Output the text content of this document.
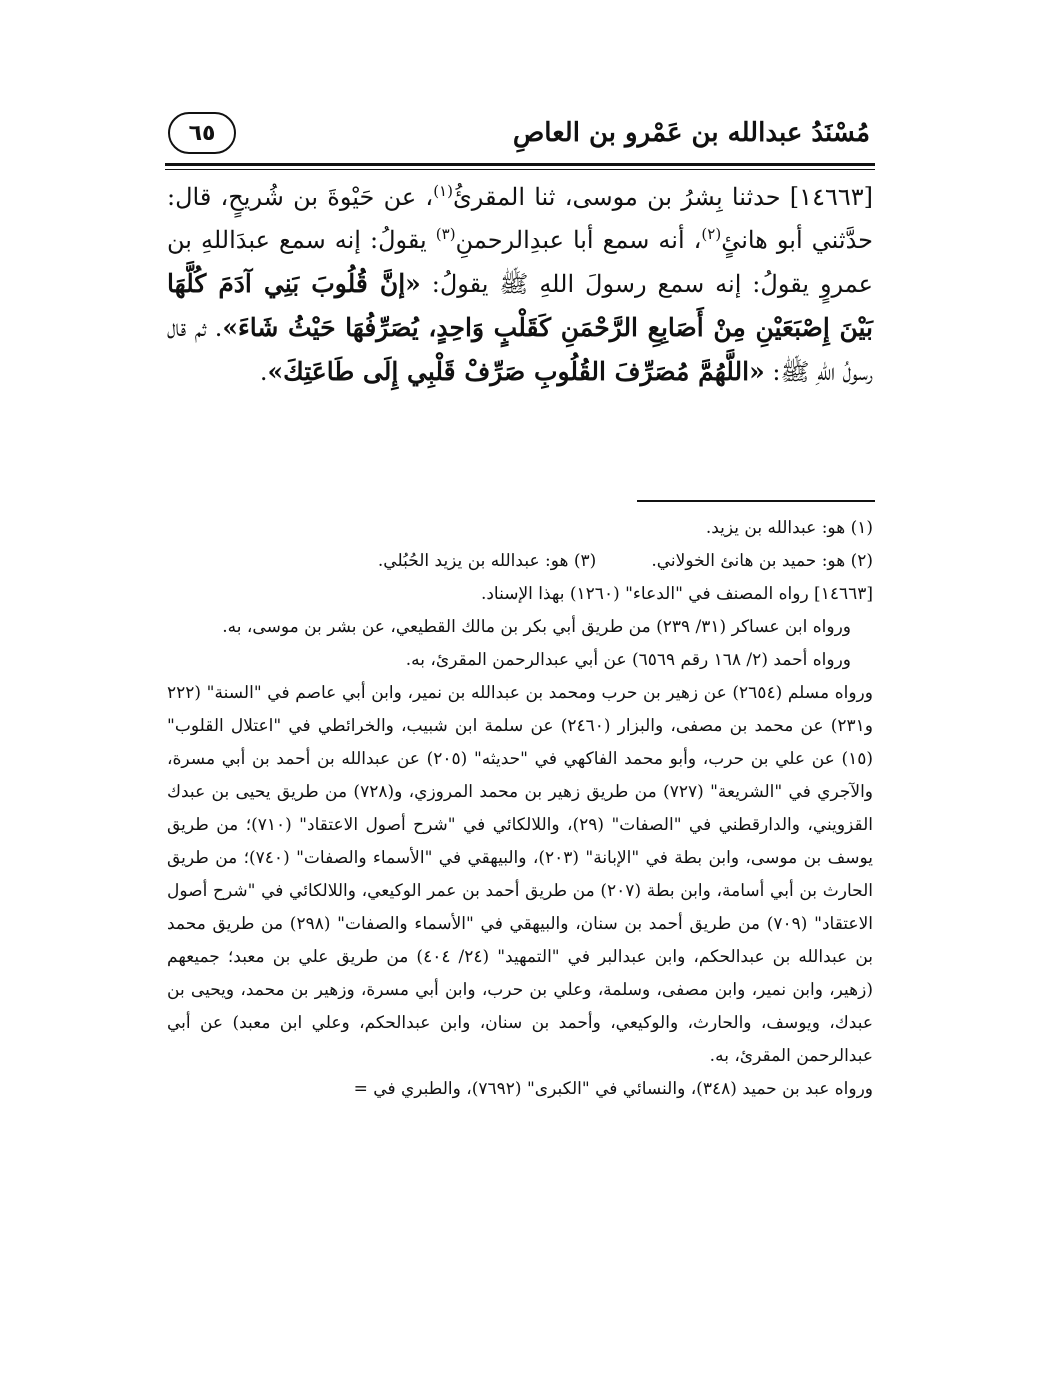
مُسْنَدُ عبدالله بن عَمْرو بن العاصِ
٦٥

[١٤٦٦٣] حدثنا بِشرُ بن موسى، ثنا المقرئُ$^{(١)}$، عن حَيْوةَ بن شُريحٍ، قال: حدَّثني أبو هانئٍ$^{(٢)}$، أنه سمع أبا عبدِالرحمنِ$^{(٣)}$ يقولُ: إنه سمع عبدَاللهِ بن عمروٍ يقولُ: إنه سمع رسولَ اللهِ ﷺ يقولُ: «إنَّ قُلُوبَ بَنِي آدَمَ كُلَّهَا بَيْنَ إِصْبَعَيْنِ مِنْ أَصَابِعِ الرَّحْمَنِ كَقَلْبٍ وَاحِدٍ، يُصَرِّفُهَا حَيْثُ شَاءَ». ثم قال رسولُ اللهِ ﷺ: «اللَّهُمَّ مُصَرِّفَ القُلُوبِ صَرِّفْ قَلْبِي إِلَى طَاعَتِكَ».

(١) هو: عبدالله بن يزيد.
(٢) هو: حميد بن هانئ الخولاني.
(٣) هو: عبدالله بن يزيد الحُبُلي.

[١٤٦٦٣] رواه المصنف في "الدعاء" (١٢٦٠) بهذا الإسناد.

ورواه ابن عساكر (٣١/ ٢٣٩) من طريق أبي بكر بن مالك القطيعي، عن بشر بن موسى، به.

ورواه أحمد (٢/ ١٦٨ رقم ٦٥٦٩) عن أبي عبدالرحمن المقرئ، به.

ورواه مسلم (٢٦٥٤) عن زهير بن حرب ومحمد بن عبدالله بن نمير، وابن أبي عاصم في "السنة" (٢٢٢ و٢٣١) عن محمد بن مصفى، والبزار (٢٤٦٠) عن سلمة ابن شبيب، والخرائطي في "اعتلال القلوب" (١٥) عن علي بن حرب، وأبو محمد الفاكهي في "حديثه" (٢٠٥) عن عبدالله بن أحمد بن أبي مسرة، والآجري في "الشريعة" (٧٢٧) من طريق زهير بن محمد المروزي، و(٧٢٨) من طريق يحيى بن عبدك القزويني، والدارقطني في "الصفات" (٢٩)، واللالكائي في "شرح أصول الاعتقاد" (٧١٠)؛ من طريق يوسف بن موسى، وابن بطة في "الإبانة" (٢٠٣)، والبيهقي في "الأسماء والصفات" (٧٤٠)؛ من طريق الحارث بن أبي أسامة، وابن بطة (٢٠٧) من طريق أحمد بن عمر الوكيعي، واللالكائي في "شرح أصول الاعتقاد" (٧٠٩) من طريق أحمد بن سنان، والبيهقي في "الأسماء والصفات" (٢٩٨) من طريق محمد بن عبدالله بن عبدالحكم، وابن عبدالبر في "التمهيد" (٢٤/ ٤٠٤) من طريق علي بن معبد؛ جميعهم (زهير، وابن نمير، وابن مصفى، وسلمة، وعلي بن حرب، وابن أبي مسرة، وزهير بن محمد، ويحيى بن عبدك، ويوسف، والحارث، والوكيعي، وأحمد بن سنان، وابن عبدالحكم، وعلي ابن معبد) عن أبي عبدالرحمن المقرئ، به.

ورواه عبد بن حميد (٣٤٨)، والنسائي في "الكبرى" (٧٦٩٢)، والطبري في =
